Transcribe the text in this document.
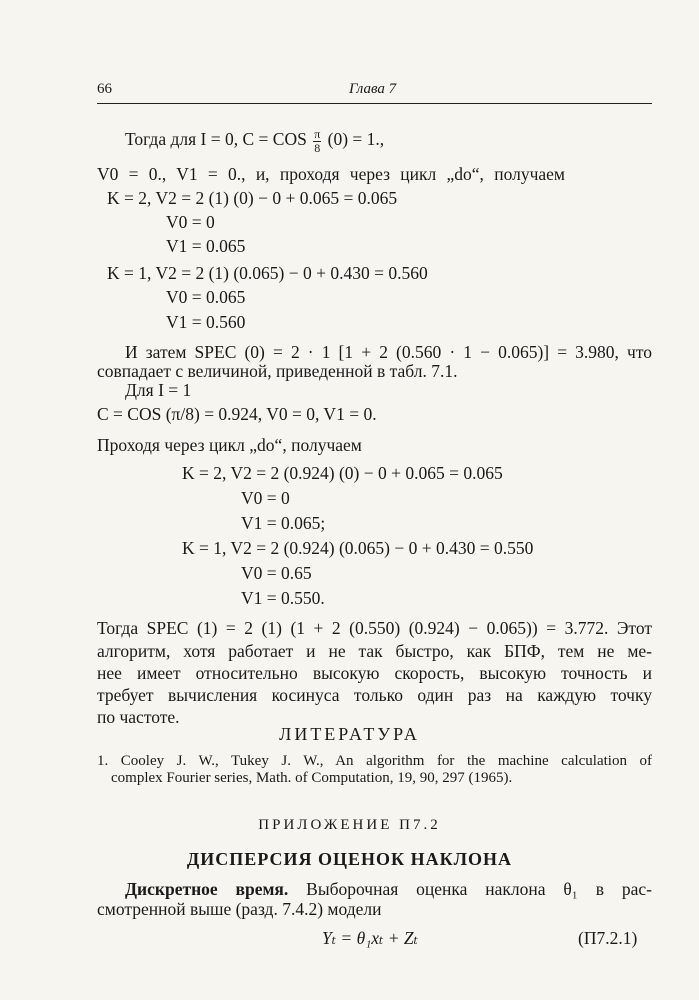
66	Глава 7
Тогда для I = 0, C = COS $\frac{\pi}{8} (0) = 1$.,
V0 = 0., V1 = 0., и, проходя через цикл „do“, получаем
K = 2, V2 = 2 (1) (0) − 0 + 0.065 = 0.065
V0 = 0
V1 = 0.065
K = 1, V2 = 2 (1) (0.065) − 0 + 0.430 = 0.560
V0 = 0.065
V1 = 0.560
И затем SPEC (0) = 2 · 1 [1 + 2 (0.560 · 1 − 0.065)] = 3.980, что
совпадает с величиной, приведенной в табл. 7.1.
Для I = 1
C = COS (π/8) = 0.924, V0 = 0, V1 = 0.
Проходя через цикл „do“, получаем
K = 2, V2 = 2 (0.924) (0) − 0 + 0.065 = 0.065
V0 = 0
V1 = 0.065;
K = 1, V2 = 2 (0.924) (0.065) − 0 + 0.430 = 0.550
V0 = 0.65
V1 = 0.550.
Тогда SPEC (1) = 2 (1) (1 + 2 (0.550) (0.924) − 0.065)) = 3.772. Этот
алгоритм, хотя работает и не так быстро, как БПФ, тем не ме-
нее имеет относительно высокую скорость, высокую точность и
требует вычисления косинуса только один раз на каждую точку
по частоте.
ЛИТЕРАТУРА
1. Cooley J. W., Tukey J. W., An algorithm for the machine calculation of
complex Fourier series, Math. of Computation, 19, 90, 297 (1965).
ПРИЛОЖЕНИЕ П7.2
ДИСПЕРСИЯ ОЦЕНОК НАКЛОНА
Дискретное время. Выборочная оценка наклона θ₁ в рас-
смотренной выше (разд. 7.4.2) модели
Yₜ = θ₁xₜ + Zₜ	(П7.2.1)
